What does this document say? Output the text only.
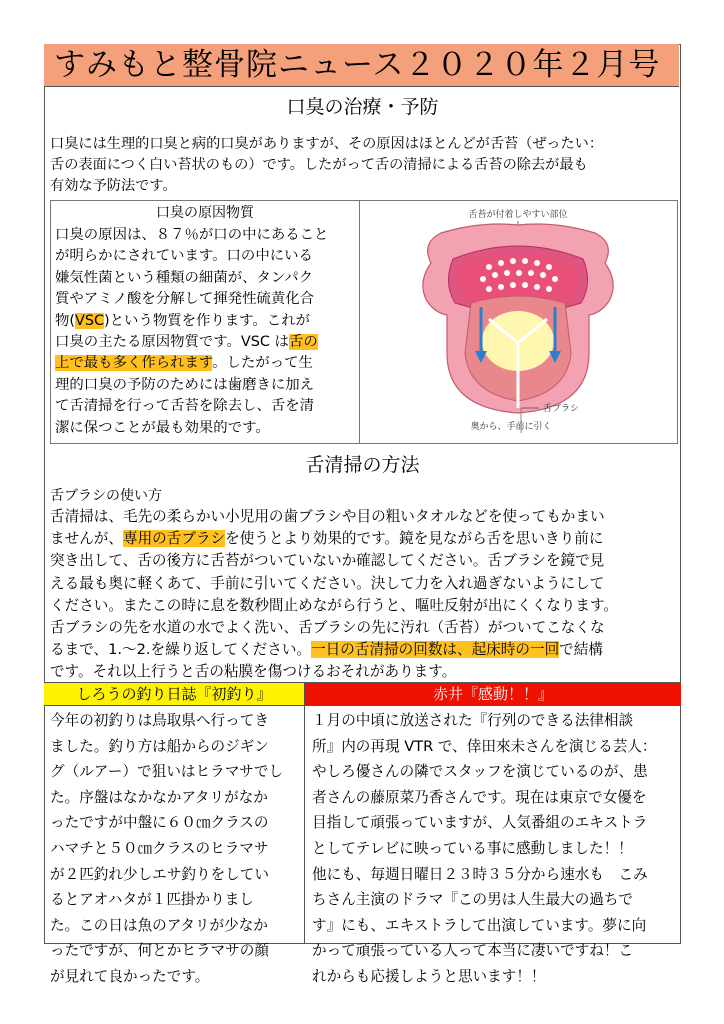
すみもと整骨院ニュース２０２０年２月号
口臭の治療・予防
口臭には生理的口臭と病的口臭がありますが、その原因はほとんどが舌苔（ぜったい：
舌の表面につく白い苔状のもの）です。したがって舌の清掃による舌苔の除去が最も
有効な予防法です。
口臭の原因物質
口臭の原因は、８７％が口の中にあること
が明らかにされています。口の中にいる
嫌気性菌という種類の細菌が、タンパク
質やアミノ酸を分解して揮発性硫黄化合
物(VSC)という物質を作ります。これが
口臭の主たる原因物質です。VSC は舌の
上で最も多く作られます。したがって生
理的口臭の予防のためには歯磨きに加え
て舌清掃を行って舌苔を除去し、舌を清
潔に保つことが最も効果的です。
舌苔が付着しやすい部位
舌ブラシ
奥から、手前に引く
舌清掃の方法
舌ブラシの使い方
舌清掃は、毛先の柔らかい小児用の歯ブラシや目の粗いタオルなどを使ってもかまい
ませんが、専用の舌ブラシを使うとより効果的です。鏡を見ながら舌を思いきり前に
突き出して、舌の後方に舌苔がついていないか確認してください。舌ブラシを鏡で見
える最も奥に軽くあて、手前に引いてください。決して力を入れ過ぎないようにして
ください。またこの時に息を数秒間止めながら行うと、嘔吐反射が出にくくなります。
舌ブラシの先を水道の水でよく洗い、舌ブラシの先に汚れ（舌苔）がついてこなくな
るまで、1.～2.を繰り返してください。一日の舌清掃の回数は、起床時の一回で結構
です。それ以上行うと舌の粘膜を傷つけるおそれがあります。
しろうの釣り日誌『初釣り』	赤井『感動！！』
今年の初釣りは鳥取県へ行ってき
ました。釣り方は船からのジギン
グ（ルアー）で狙いはヒラマサでし
た。序盤はなかなかアタリがなか
ったですが中盤に６０㎝クラスの
ハマチと５０㎝クラスのヒラマサ
が２匹釣れ少しエサ釣りをしてい
るとアオハタが１匹掛かりまし
た。この日は魚のアタリが少なか
ったですが、何とかヒラマサの顔
が見れて良かったです。
１月の中頃に放送された『行列のできる法律相談
所』内の再現 VTR で、倖田來未さんを演じる芸人：
やしろ優さんの隣でスタッフを演じているのが、患
者さんの藤原菜乃香さんです。現在は東京で女優を
目指して頑張っていますが、人気番組のエキストラ
としてテレビに映っている事に感動しました！！
他にも、毎週日曜日２３時３５分から速水も　こみ
ちさん主演のドラマ『この男は人生最大の過ちで
す』にも、エキストラして出演しています。夢に向
かって頑張っている人って本当に凄いですね！こ
れからも応援しようと思います！！
